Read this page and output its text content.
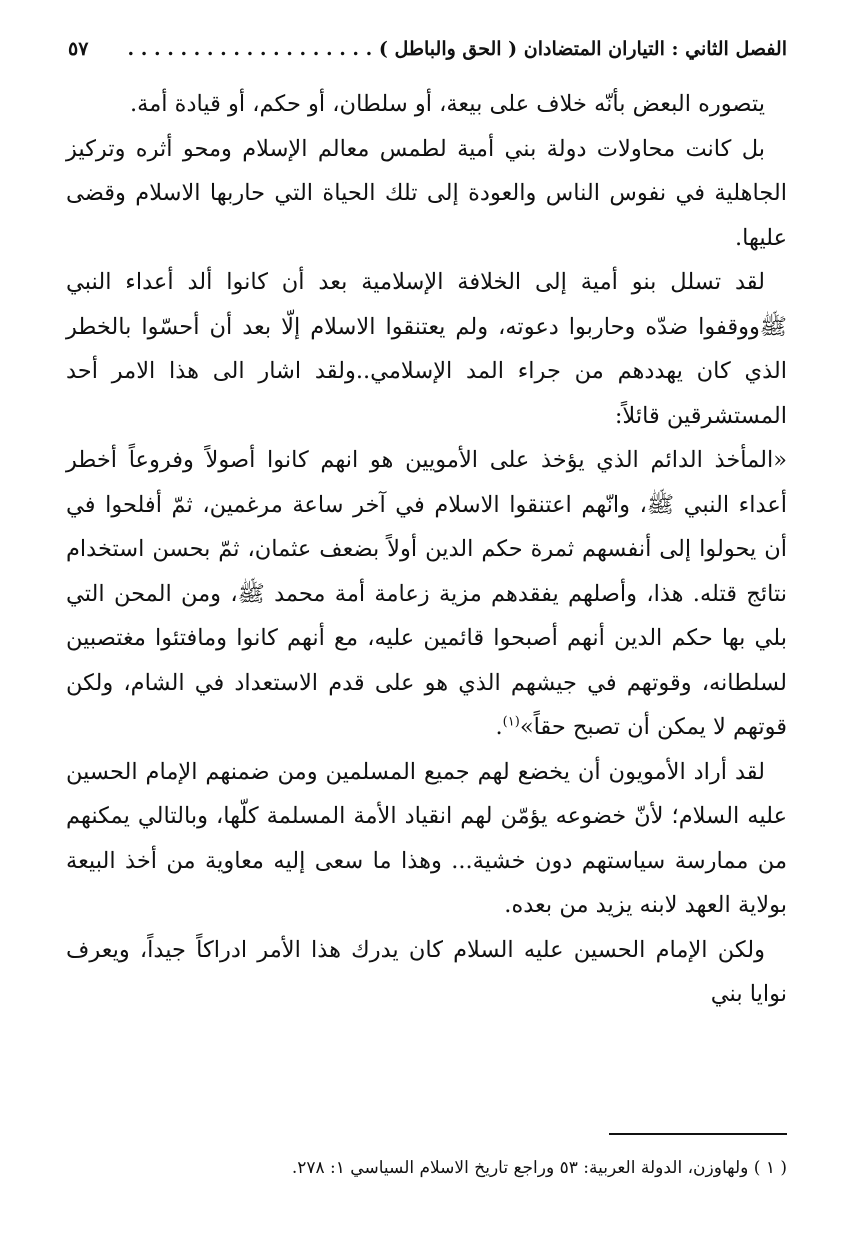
الفصل الثاني : التياران المتضادان ( الحق والباطل ) . . . . . . . . . . . . . . . . . . .
٥٧

يتصوره البعض بأنّه خلاف على بيعة، أو سلطان، أو حكم، أو قيادة أمة.

بل كانت محاولات دولة بني أمية لطمس معالم الإسلام ومحو أثره وتركيز الجاهلية في نفوس الناس والعودة إلى تلك الحياة التي حاربها الاسلام وقضى عليها.

لقد تسلل بنو أمية إلى الخلافة الإسلامية بعد أن كانوا ألد أعداء النبي ﷺووقفوا ضدّه وحاربوا دعوته، ولم يعتنقوا الاسلام إلّا بعد أن أحسّوا بالخطر الذي كان يهددهم من جراء المد الإسلامي..ولقد اشار الى هذا الامر أحد المستشرقين قائلاً:

«المأخذ الدائم الذي يؤخذ على الأمويين هو انهم كانوا أصولاً وفروعاً أخطر أعداء النبي ﷺ، وانّهم اعتنقوا الاسلام في آخر ساعة مرغمين، ثمّ أفلحوا في أن يحولوا إلى أنفسهم ثمرة حكم الدين أولاً بضعف عثمان، ثمّ بحسن استخدام نتائج قتله. هذا، وأصلهم يفقدهم مزية زعامة أمة محمد ﷺ، ومن المحن التي بلي بها حكم الدين أنهم أصبحوا قائمين عليه، مع أنهم كانوا ومافتئوا مغتصبين لسلطانه، وقوتهم في جيشهم الذي هو على قدم الاستعداد في الشام، ولكن قوتهم لا يمكن أن تصبح حقاً»$^{(١)}$.

لقد أراد الأمويون أن يخضع لهم جميع المسلمين ومن ضمنهم الإمام الحسين عليه السلام؛ لأنّ خضوعه يؤمّن لهم انقياد الأمة المسلمة كلّها، وبالتالي يمكنهم من ممارسة سياستهم دون خشية... وهذا ما سعى إليه معاوية من أخذ البيعة بولاية العهد لابنه يزيد من بعده.

ولكن الإمام الحسين عليه السلام كان يدرك هذا الأمر ادراكاً جيداً، ويعرف نوايا بني

( ١ ) ولهاوزن، الدولة العربية: ٥٣ وراجع تاريخ الاسلام السياسي ١: ٢٧٨.
